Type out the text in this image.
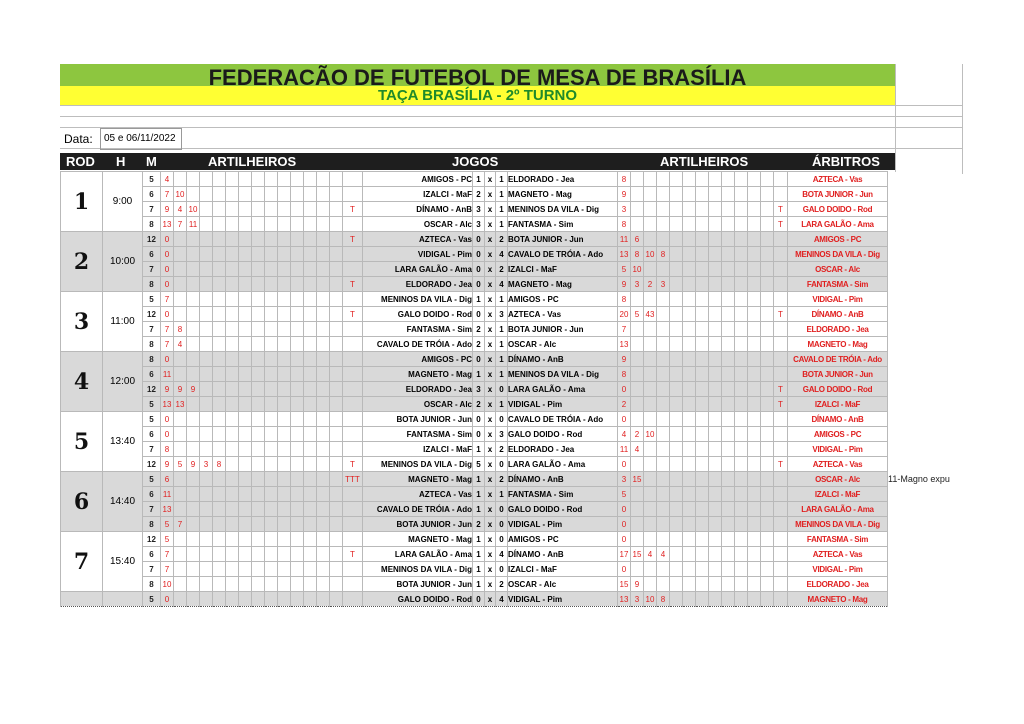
FEDERACÃO DE FUTEBOL DE MESA DE BRASÍLIA
TAÇA BRASÍLIA - 2º TURNO
Data: 05 e 06/11/2022
ROD H M	ARTILHEIROS	JOGOS	ARTILHEIROS	ÁRBITROS
1	9:00	5	4															AMIGOS - PC	1	x	1	ELDORADO - Jea	8													AZTECA - Vas	
		6	7	10														IZALCI - MaF	2	x	1	MAGNETO - Mag	9													BOTA JUNIOR - Jun	
		7	9	4	10												T	DÍNAMO - AnB	3	x	1	MENINOS DA VILA - Dig	3												T	GALO DOIDO - Rod	
		8	13	7	11													OSCAR - Alc	3	x	1	FANTASMA - Sim	8												T	LARA GALÃO - Ama	
2	10:00	12	0														T	AZTECA - Vas	0	x	2	BOTA JUNIOR - Jun	11	6												AMIGOS - PC	
		6	0															VIDIGAL - Pim	0	x	4	CAVALO DE TRÓIA - Ado	13	8	10	8										MENINOS DA VILA - Dig	
		7	0															LARA GALÃO - Ama	0	x	2	IZALCI - MaF	5	10												OSCAR - Alc	
		8	0														T	ELDORADO - Jea	0	x	4	MAGNETO - Mag	9	3	2	3										FANTASMA - Sim	
3	11:00	5	7															MENINOS DA VILA - Dig	1	x	1	AMIGOS - PC	8													VIDIGAL - Pim	
		12	0														T	GALO DOIDO - Rod	0	x	3	AZTECA - Vas	20	5	43										T	DÍNAMO - AnB	
		7	7	8														FANTASMA - Sim	2	x	1	BOTA JUNIOR - Jun	7													ELDORADO - Jea	
		8	7	4														CAVALO DE TRÓIA - Ado	2	x	1	OSCAR - Alc	13													MAGNETO - Mag	
4	12:00	8	0															AMIGOS - PC	0	x	1	DÍNAMO - AnB	9													CAVALO DE TRÓIA - Ado	
		6	11															MAGNETO - Mag	1	x	1	MENINOS DA VILA - Dig	8													BOTA JUNIOR - Jun	
		12	9	9	9													ELDORADO - Jea	3	x	0	LARA GALÃO - Ama	0												T	GALO DOIDO - Rod	
		5	13	13														OSCAR - Alc	2	x	1	VIDIGAL - Pim	2												T	IZALCI - MaF	
5	13:40	5	0															BOTA JUNIOR - Jun	0	x	0	CAVALO DE TRÓIA - Ado	0													DÍNAMO - AnB	
		6	0															FANTASMA - Sim	0	x	3	GALO DOIDO - Rod	4	2	10											AMIGOS - PC	
		7	8															IZALCI - MaF	1	x	2	ELDORADO - Jea	11	4												VIDIGAL - Pim	
		12	9	5	9	3	8										T	MENINOS DA VILA - Dig	5	x	0	LARA GALÃO - Ama	0												T	AZTECA - Vas	
6	14:40	5	6														TTT	MAGNETO - Mag	1	x	2	DÍNAMO - AnB	3	15												OSCAR - Alc	11-Magno expu
		6	11															AZTECA - Vas	1	x	1	FANTASMA - Sim	5													IZALCI - MaF	
		7	13															CAVALO DE TRÓIA - Ado	1	x	0	GALO DOIDO - Rod	0													LARA GALÃO - Ama	
		8	5	7														BOTA JUNIOR - Jun	2	x	0	VIDIGAL - Pim	0													MENINOS DA VILA - Dig	
7	15:40	12	5															MAGNETO - Mag	1	x	0	AMIGOS - PC	0													FANTASMA - Sim	
		6	7														T	LARA GALÃO - Ama	1	x	4	DÍNAMO - AnB	17	15	4	4										AZTECA - Vas	
		7	7															MENINOS DA VILA - Dig	1	x	0	IZALCI - MaF	0													VIDIGAL - Pim	
		8	10															BOTA JUNIOR - Jun	1	x	2	OSCAR - Alc	15	9												ELDORADO - Jea	
		5	0															GALO DOIDO - Rod	0	x	4	VIDIGAL - Pim	13	3	10	8										MAGNETO - Mag	
